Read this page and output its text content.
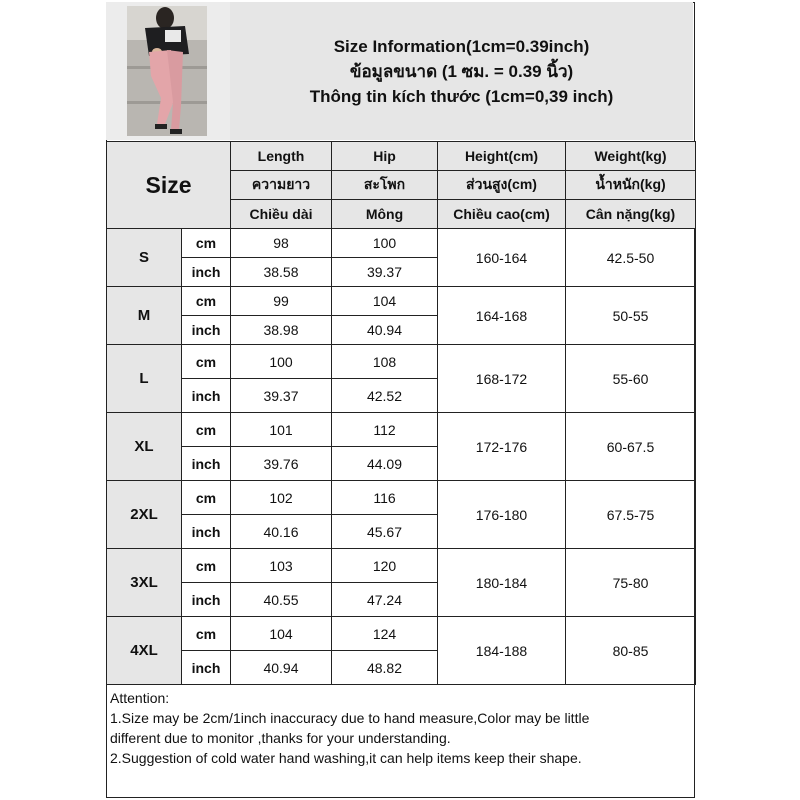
Size Information(1cm=0.39inch)
ข้อมูลขนาด (1 ซม. = 0.39 นิ้ว)
Thông tin kích thước (1cm=0,39 inch)
Size		Length	Hip	Height(cm)	Weight(kg)
		ความยาว	สะโพก	ส่วนสูง(cm)	น้ำหนัก(kg)
		Chiều dài	Mông	Chiều cao(cm)	Cân nặng(kg)
S	cm	98	100	160-164	42.5-50
	inch	38.58	39.37		
M	cm	99	104	164-168	50-55
	inch	38.98	40.94		
L	cm	100	108	168-172	55-60
	inch	39.37	42.52		
XL	cm	101	112	172-176	60-67.5
	inch	39.76	44.09		
2XL	cm	102	116	176-180	67.5-75
	inch	40.16	45.67		
3XL	cm	103	120	180-184	75-80
	inch	40.55	47.24		
4XL	cm	104	124	184-188	80-85
	inch	40.94	48.82		
Attention:
1.Size may be 2cm/1inch inaccuracy due to hand measure,Color may be little
different due to monitor ,thanks for your understanding.
2.Suggestion of cold water hand washing,it can help items keep their shape.
